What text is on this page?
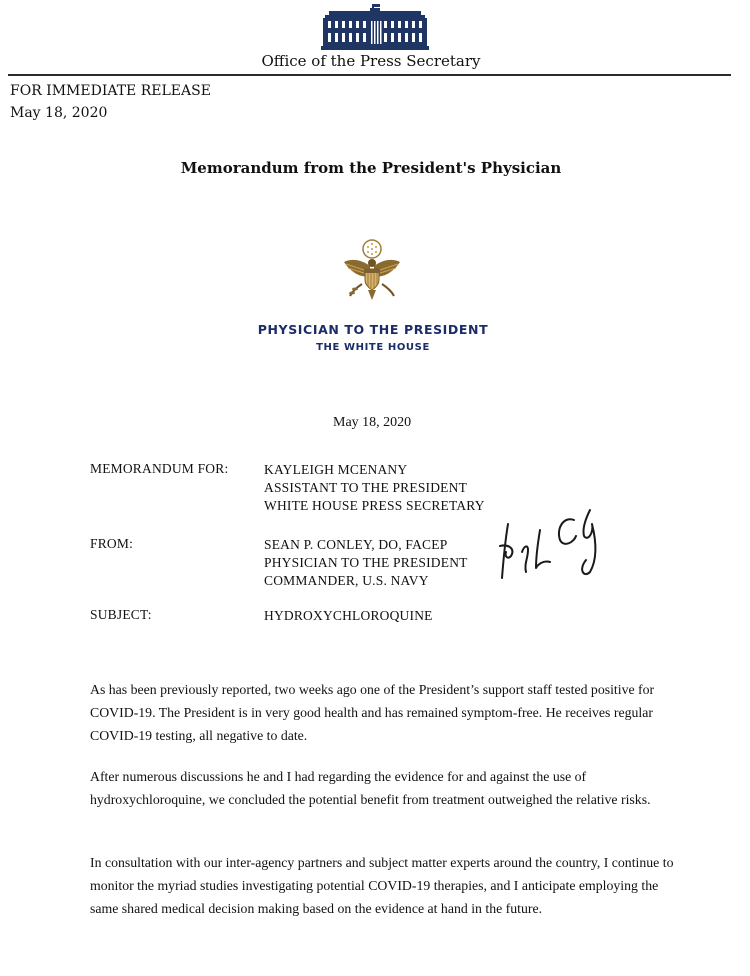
Office of the Press Secretary
FOR IMMEDIATE RELEASE
May 18, 2020
Memorandum from the President's Physician
PHYSICIAN TO THE PRESIDENT
THE WHITE HOUSE
May 18, 2020
MEMORANDUM FOR:	KAYLEIGH MCENANY
ASSISTANT TO THE PRESIDENT
WHITE HOUSE PRESS SECRETARY
FROM:	SEAN P. CONLEY, DO, FACEP
PHYSICIAN TO THE PRESIDENT
COMMANDER, U.S. NAVY
SUBJECT:	HYDROXYCHLOROQUINE
As has been previously reported, two weeks ago one of the President’s support staff tested positive for COVID-19. The President is in very good health and has remained symptom-free. He receives regular COVID-19 testing, all negative to date.
After numerous discussions he and I had regarding the evidence for and against the use of hydroxychloroquine, we concluded the potential benefit from treatment outweighed the relative risks.
In consultation with our inter-agency partners and subject matter experts around the country, I continue to monitor the myriad studies investigating potential COVID-19 therapies, and I anticipate employing the same shared medical decision making based on the evidence at hand in the future.
